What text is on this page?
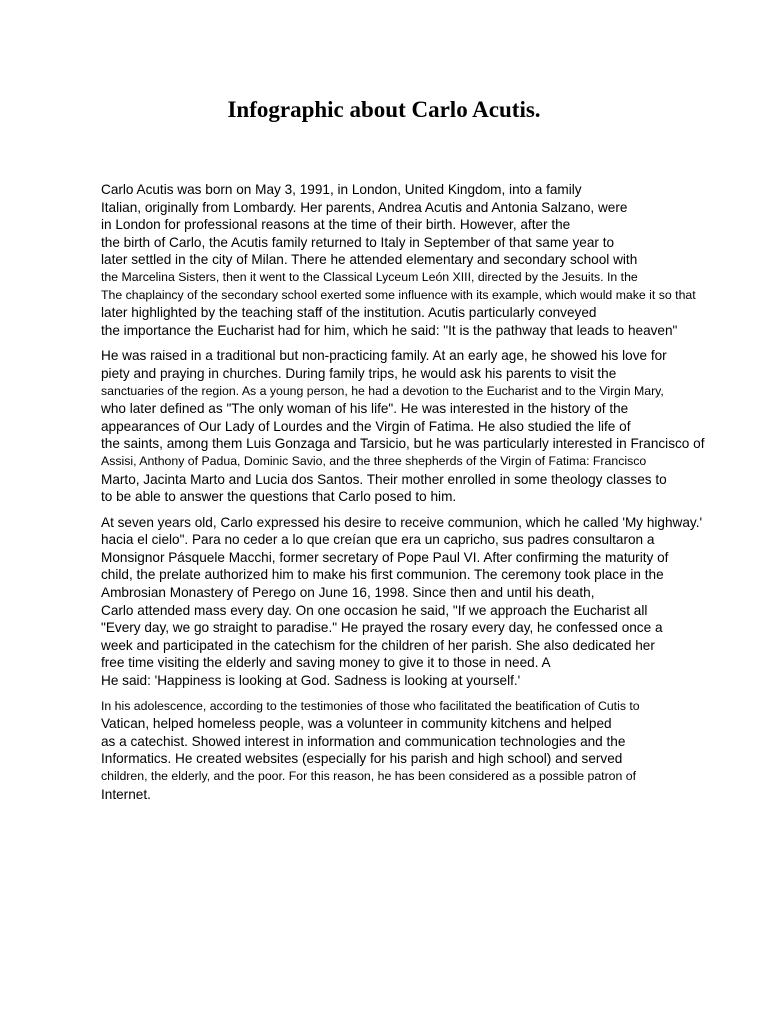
Infographic about Carlo Acutis.
Carlo Acutis was born on May 3, 1991, in London, United Kingdom, into a family
Italian, originally from Lombardy. Her parents, Andrea Acutis and Antonia Salzano, were
in London for professional reasons at the time of their birth. However, after the
the birth of Carlo, the Acutis family returned to Italy in September of that same year to
later settled in the city of Milan. There he attended elementary and secondary school with
the Marcelina Sisters, then it went to the Classical Lyceum León XIII, directed by the Jesuits. In the
The chaplaincy of the secondary school exerted some influence with its example, which would make it so that
later highlighted by the teaching staff of the institution. Acutis particularly conveyed
the importance the Eucharist had for him, which he said: "It is the pathway that leads to heaven"
He was raised in a traditional but non-practicing family. At an early age, he showed his love for
piety and praying in churches. During family trips, he would ask his parents to visit the
sanctuaries of the region. As a young person, he had a devotion to the Eucharist and to the Virgin Mary,
who later defined as "The only woman of his life". He was interested in the history of the
appearances of Our Lady of Lourdes and the Virgin of Fatima. He also studied the life of
the saints, among them Luis Gonzaga and Tarsicio, but he was particularly interested in Francisco of
Assisi, Anthony of Padua, Dominic Savio, and the three shepherds of the Virgin of Fatima: Francisco
Marto, Jacinta Marto and Lucia dos Santos. Their mother enrolled in some theology classes to
to be able to answer the questions that Carlo posed to him.
At seven years old, Carlo expressed his desire to receive communion, which he called 'My highway.'
hacia el cielo". Para no ceder a lo que creían que era un capricho, sus padres consultaron a
Monsignor Pásquele Macchi, former secretary of Pope Paul VI. After confirming the maturity of
child, the prelate authorized him to make his first communion. The ceremony took place in the
Ambrosian Monastery of Perego on June 16, 1998. Since then and until his death,
Carlo attended mass every day. On one occasion he said, "If we approach the Eucharist all
"Every day, we go straight to paradise." He prayed the rosary every day, he confessed once a
week and participated in the catechism for the children of her parish. She also dedicated her
free time visiting the elderly and saving money to give it to those in need. A
He said: 'Happiness is looking at God. Sadness is looking at yourself.'
In his adolescence, according to the testimonies of those who facilitated the beatification of Cutis to
Vatican, helped homeless people, was a volunteer in community kitchens and helped
as a catechist. Showed interest in information and communication technologies and the
Informatics. He created websites (especially for his parish and high school) and served
children, the elderly, and the poor. For this reason, he has been considered as a possible patron of
Internet.
